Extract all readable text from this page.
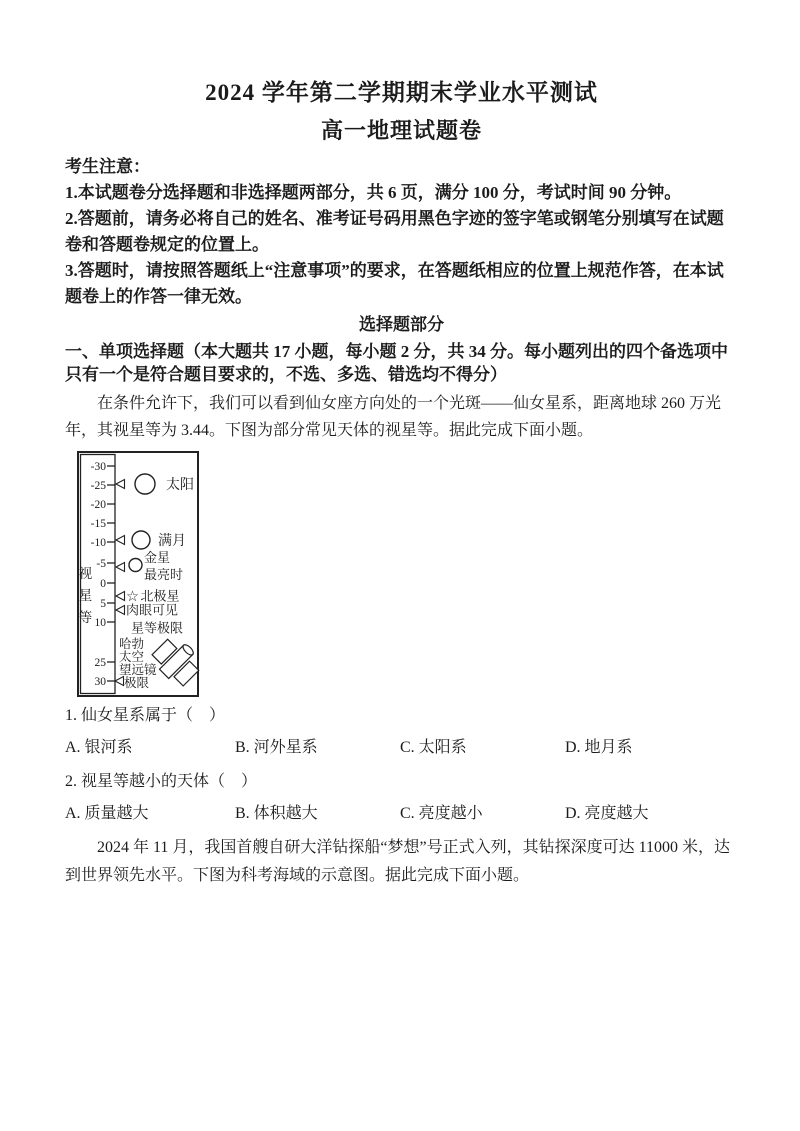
2024 学年第二学期期末学业水平测试
高一地理试题卷

考生注意：

1.本试题卷分选择题和非选择题两部分，共 6 页，满分 100 分，考试时间 90 分钟。

2.答题前，请务必将自己的姓名、准考证号码用黑色字迹的签字笔或钢笔分别填写在试题卷和答题卷规定的位置上。

3.答题时，请按照答题纸上“注意事项”的要求，在答题纸相应的位置上规范作答，在本试题卷上的作答一律无效。

选择题部分

一、单项选择题（本大题共 17 小题，每小题 2 分，共 34 分。每小题列出的四个备选项中只有一个是符合题目要求的，不选、多选、错选均不得分）

在条件允许下，我们可以看到仙女座方向处的一个光斑——仙女星系，距离地球 260 万光年，其视星等为 3.44。下图为部分常见天体的视星等。据此完成下面小题。

视
星
等
-30
-25
-20
-15
-10
-5
0
5
10
25
30
太阳
满月
金星
最亮时
☆ 北极星
肉眼可见
星等极限
哈勃
太空
望远镜
极限

1. 仙女星系属于（　）

A. 银河系	B. 河外星系	C. 太阳系	D. 地月系

2. 视星等越小的天体（　）

A. 质量越大	B. 体积越大	C. 亮度越小	D. 亮度越大

2024 年 11 月，我国首艘自研大洋钻探船“梦想”号正式入列，其钻探深度可达 11000 米，达到世界领先水平。下图为科考海域的示意图。据此完成下面小题。
